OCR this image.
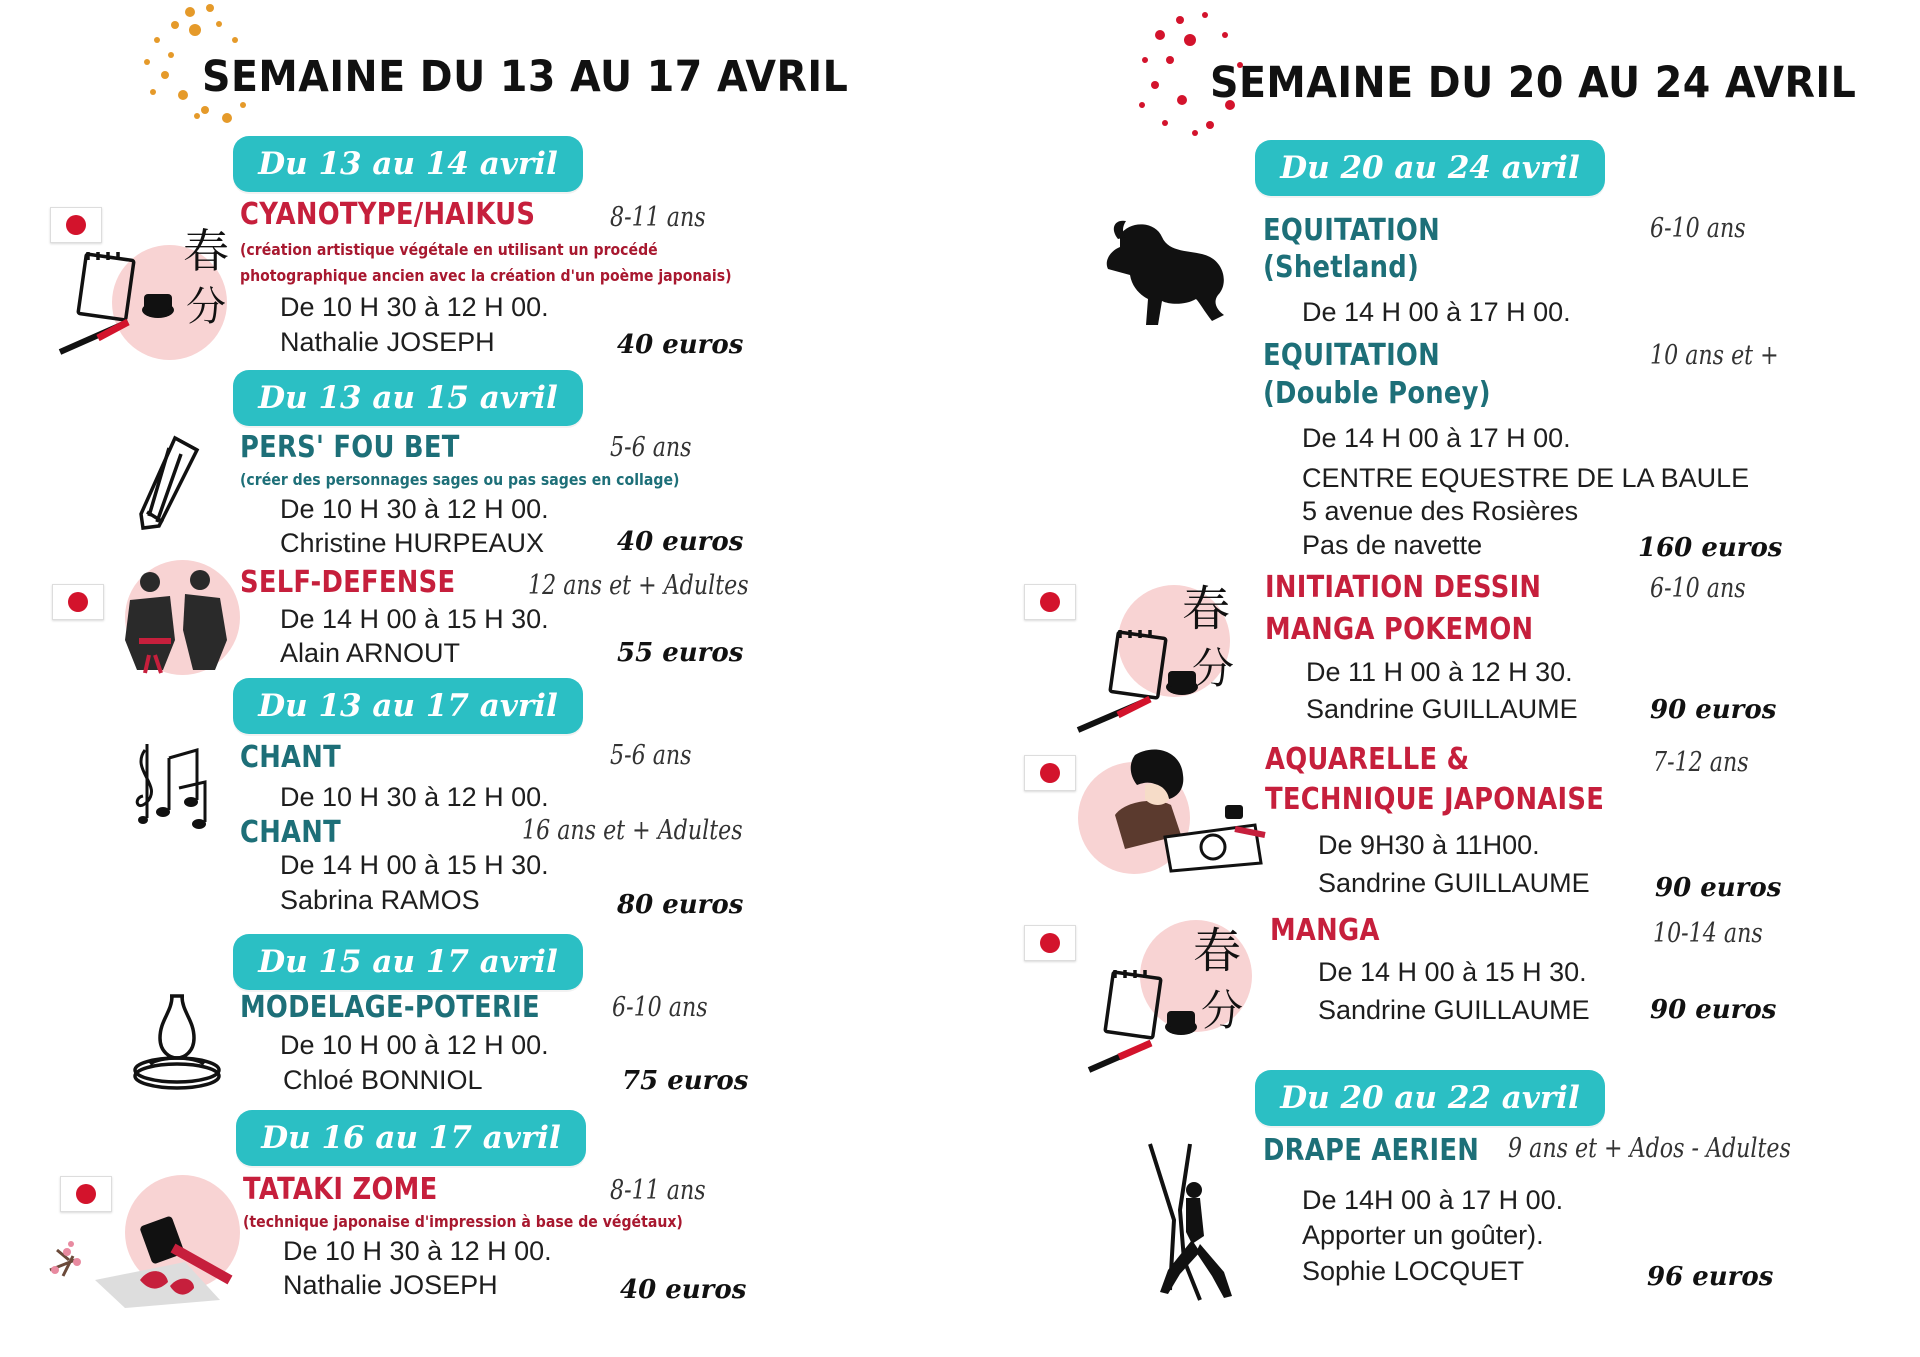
SEMAINE DU 13 AU 17 AVRIL
Du 13 au 14 avril
春
分
CYANOTYPE/HAIKUS	8-11 ans
(création artistique végétale en utilisant un procédé
photographique ancien avec la création d'un poème japonais)
De 10 H 30 à 12 H 00.
Nathalie JOSEPH	40 euros
Du 13 au 15 avril
PERS' FOU BET	5-6 ans
(créer des personnages sages ou pas sages en collage)
De 10 H 30 à 12 H 00.
Christine HURPEAUX	40 euros
SELF-DEFENSE	12 ans et + Adultes
De 14 H 00 à 15 H 30.
Alain ARNOUT	55 euros
Du 13 au 17 avril
CHANT	5-6 ans
De 10 H 30 à 12 H 00.
CHANT	16 ans et + Adultes
De 14 H 00 à 15 H 30.
Sabrina RAMOS	80 euros
Du 15 au 17 avril
MODELAGE-POTERIE	6-10 ans
De 10 H 00 à 12 H 00.
Chloé BONNIOL	75 euros
Du 16 au 17 avril
TATAKI ZOME	8-11 ans
(technique japonaise d'impression à base de végétaux)
De 10 H 30 à 12 H 00.
Nathalie JOSEPH	40 euros
SEMAINE DU 20 AU 24 AVRIL
Du 20 au 24 avril
EQUITATION
(Shetland)
6-10 ans
De 14 H 00 à 17 H 00.
EQUITATION
(Double Poney)
10 ans et +
De 14 H 00 à 17 H 00.
CENTRE EQUESTRE DE LA BAULE
5 avenue des Rosières
Pas de navette	160 euros
春
分
INITIATION DESSIN
MANGA POKEMON
6-10 ans
De 11 H 00 à 12 H 30.
Sandrine GUILLAUME	90 euros
AQUARELLE &
TECHNIQUE JAPONAISE
7-12 ans
De 9H30 à 11H00.
Sandrine GUILLAUME	90 euros
春
分
MANGA	10-14 ans
De 14 H 00 à 15 H 30.
Sandrine GUILLAUME 90 euros
Du 20 au 22 avril
DRAPE AERIEN 9 ans et + Ados - Adultes
De 14H 00 à 17 H 00.
Apporter un goûter).
Sophie LOCQUET	96 euros
